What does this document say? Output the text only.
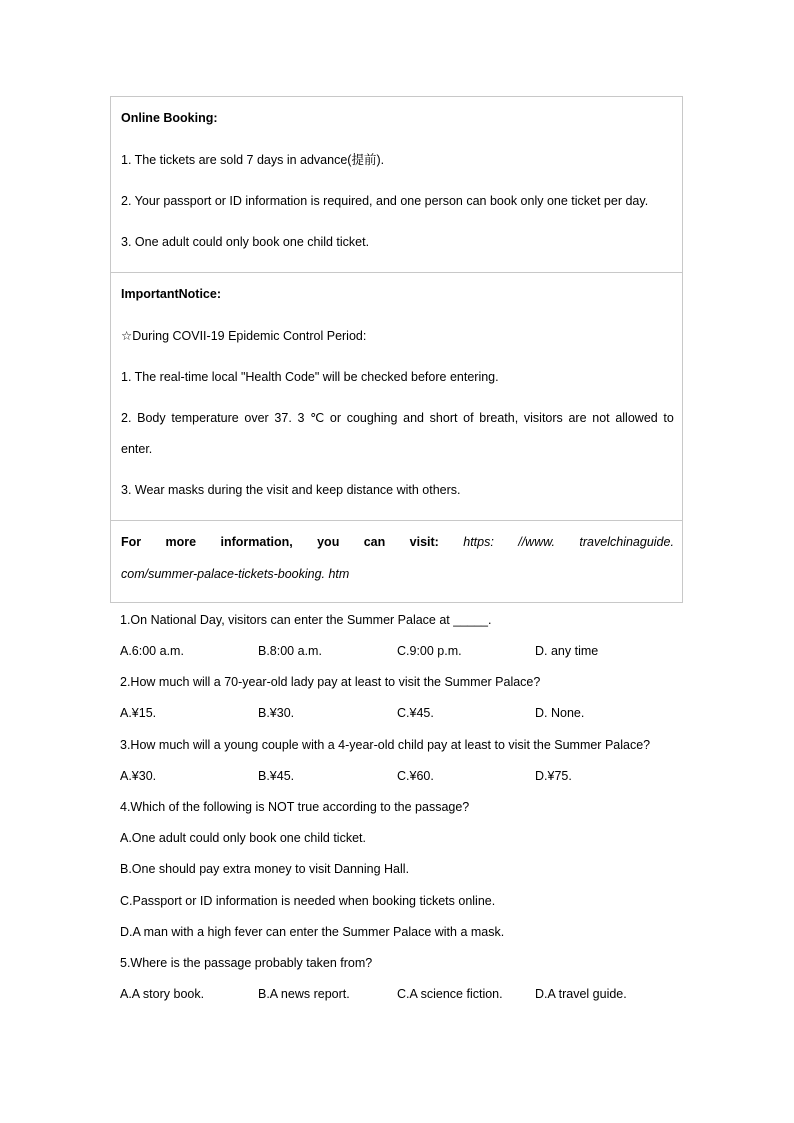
Online Booking:
1. The tickets are sold 7 days in advance(提前).
2. Your passport or ID information is required, and one person can book only one ticket per day.
3. One adult could only book one child ticket.
ImportantNotice:
☆During COVII-19 Epidemic Control Period:
1. The real-time local "Health Code" will be checked before entering.
2. Body temperature over 37. 3 ℃ or coughing and short of breath, visitors are not allowed to
enter.
3. Wear masks during the visit and keep distance with others.
For more information, you can visit: https: //www. travelchinaguide.
com/summer-palace-tickets-booking. htm
1.On National Day, visitors can enter the Summer Palace at _____.
A.6:00 a.m.	B.8:00 a.m.	C.9:00 p.m.	D. any time
2.How much will a 70-year-old lady pay at least to visit the Summer Palace?
A.¥15.	B.¥30.	C.¥45.	D. None.
3.How much will a young couple with a 4-year-old child pay at least to visit the Summer Palace?
A.¥30.	B.¥45.	C.¥60.	D.¥75.
4.Which of the following is NOT true according to the passage?
A.One adult could only book one child ticket.
B.One should pay extra money to visit Danning Hall.
C.Passport or ID information is needed when booking tickets online.
D.A man with a high fever can enter the Summer Palace with a mask.
5.Where is the passage probably taken from?
A.A story book.	B.A news report.	C.A science fiction.	D.A travel guide.
